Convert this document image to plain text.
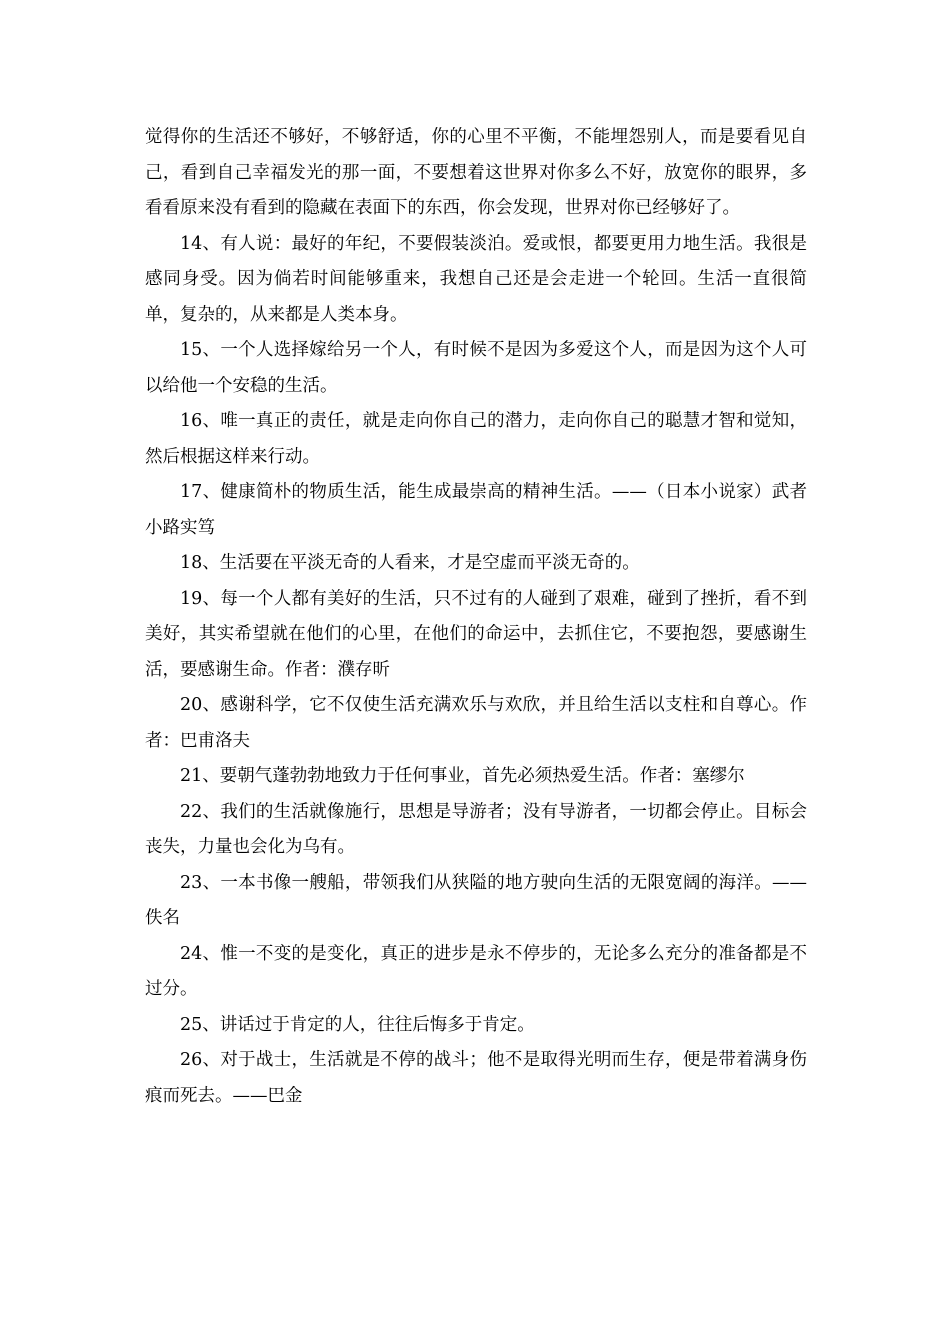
觉得你的生活还不够好，不够舒适，你的心里不平衡，不能埋怨别人，而是要看见自己，看到自己幸福发光的那一面，不要想着这世界对你多么不好，放宽你的眼界，多看看原来没有看到的隐藏在表面下的东西，你会发现，世界对你已经够好了。

14、有人说：最好的年纪，不要假装淡泊。爱或恨，都要更用力地生活。我很是感同身受。因为倘若时间能够重来，我想自己还是会走进一个轮回。生活一直很简单，复杂的，从来都是人类本身。

15、一个人选择嫁给另一个人，有时候不是因为多爱这个人，而是因为这个人可以给他一个安稳的生活。

16、唯一真正的责任，就是走向你自己的潜力，走向你自己的聪慧才智和觉知，然后根据这样来行动。

17、健康简朴的物质生活，能生成最崇高的精神生活。——（日本小说家）武者小路实笃

18、生活要在平淡无奇的人看来，才是空虚而平淡无奇的。

19、每一个人都有美好的生活，只不过有的人碰到了艰难，碰到了挫折，看不到美好，其实希望就在他们的心里，在他们的命运中，去抓住它，不要抱怨，要感谢生活，要感谢生命。作者：濮存昕

20、感谢科学，它不仅使生活充满欢乐与欢欣，并且给生活以支柱和自尊心。作者：巴甫洛夫

21、要朝气蓬勃勃地致力于任何事业，首先必须热爱生活。作者：塞缪尔

22、我们的生活就像施行，思想是导游者；没有导游者，一切都会停止。目标会丧失，力量也会化为乌有。

23、一本书像一艘船，带领我们从狭隘的地方驶向生活的无限宽阔的海洋。——佚名

24、惟一不变的是变化，真正的进步是永不停步的，无论多么充分的准备都是不过分。

25、讲话过于肯定的人，往往后悔多于肯定。

26、对于战士，生活就是不停的战斗；他不是取得光明而生存，便是带着满身伤痕而死去。——巴金
